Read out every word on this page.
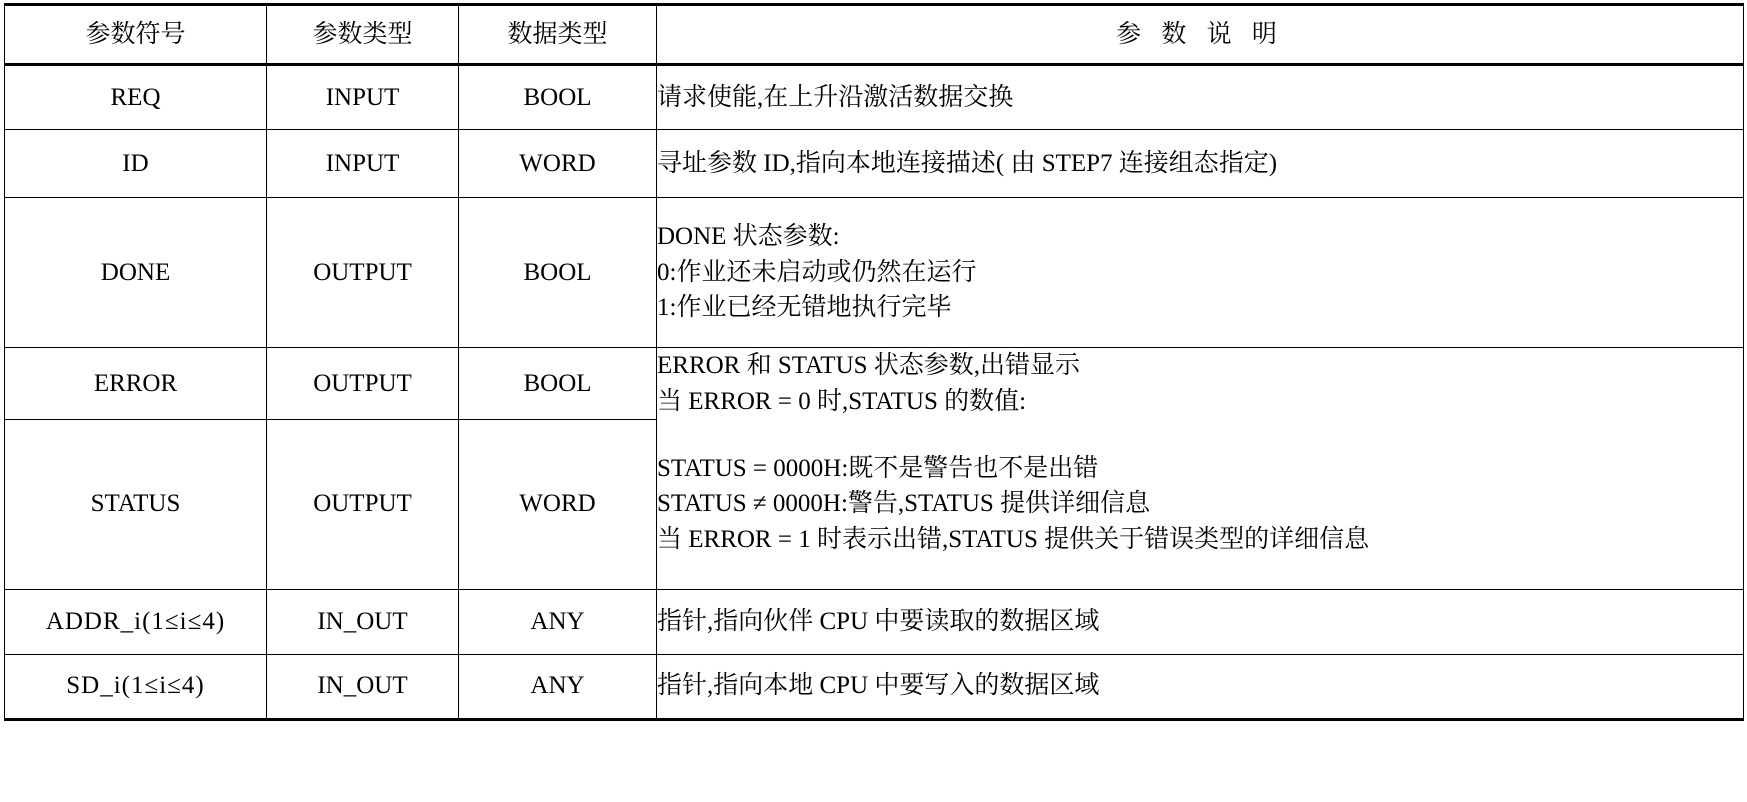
参数符号	参数类型	数据类型	参 数 说 明
REQ	INPUT	BOOL	请求使能,在上升沿激活数据交换

ID	INPUT	WORD	寻址参数 ID,指向本地连接描述( 由 STEP7 连接组态指定)

DONE	OUTPUT	BOOL	DONE 状态参数:
0:作业还未启动或仍然在运行
1:作业已经无错地执行完毕

ERROR	OUTPUT	BOOL	ERROR 和 STATUS 状态参数,出错显示
当 ERROR = 0 时,STATUS 的数值:

STATUS	OUTPUT	WORD	STATUS = 0000H:既不是警告也不是出错
STATUS ≠ 0000H:警告,STATUS 提供详细信息
当 ERROR = 1 时表示出错,STATUS 提供关于错误类型的详细信息

ADDR_i(1≤i≤4)	IN_OUT	ANY	指针,指向伙伴 CPU 中要读取的数据区域

SD_i(1≤i≤4)	IN_OUT	ANY	指针,指向本地 CPU 中要写入的数据区域
